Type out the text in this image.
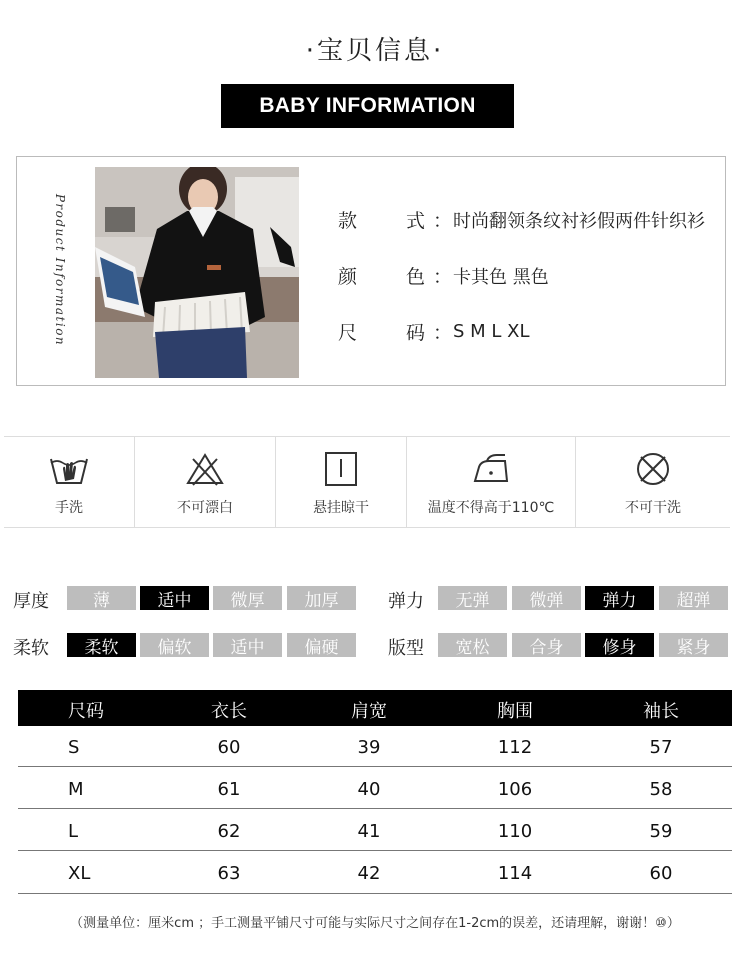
·宝贝信息·
BABY INFORMATION
Product Information	款	式 ： 时尚翻领条纹衬衫假两件针织衫
颜	色 ： 卡其色 黑色
尺	码 ： S M L XL
手洗	不可漂白	悬挂晾干	温度不得高于110℃	不可干洗
厚度	薄	适中	微厚	加厚	弹力	无弹	微弹	弹力	超弹
柔软	柔软	偏软	适中	偏硬	版型	宽松	合身	修身	紧身
尺码	衣长	肩宽	胸围	袖长
S	60	39	112	57
M	61	40	106	58
L	62	41	110	59
XL	63	42	114	60
（测量单位：厘米cm ；手工测量平铺尺寸可能与实际尺寸之间存在1-2cm的误差，还请理解，谢谢！⑩）
